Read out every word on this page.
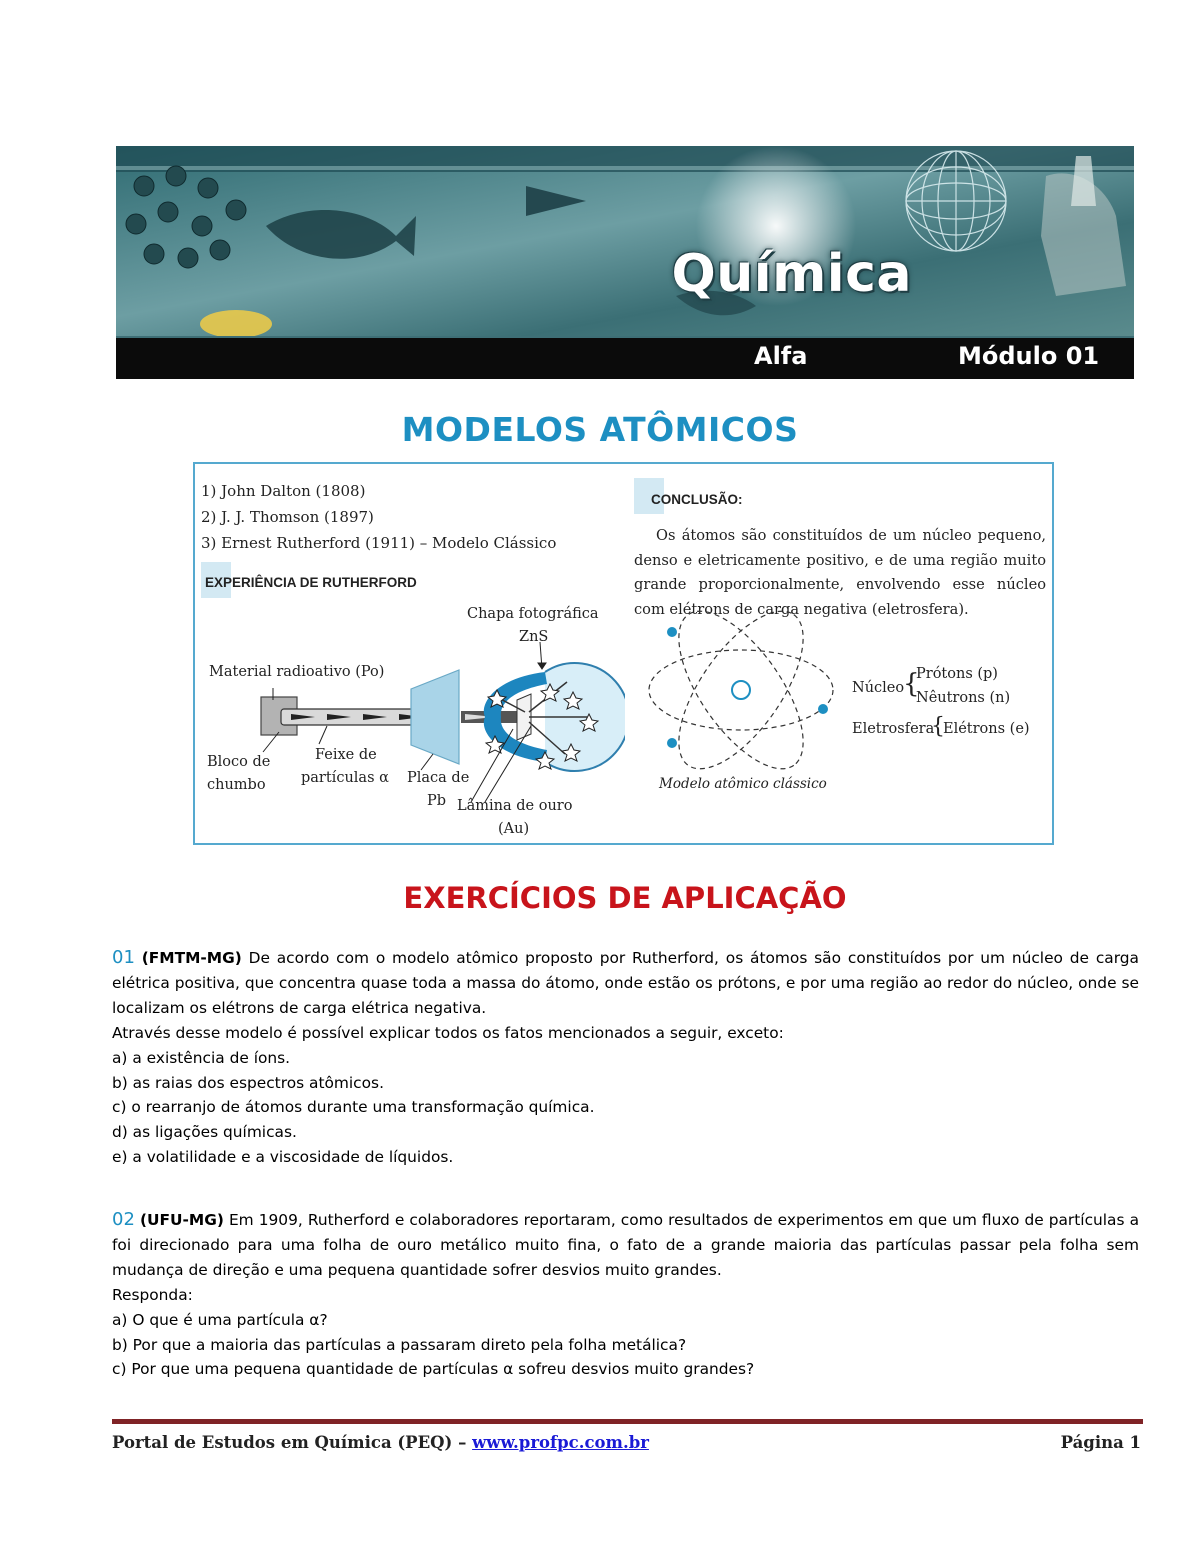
Química
Alfa	Módulo 01
MODELOS ATÔMICOS
1) John Dalton (1808)
2) J. J. Thomson (1897)
3) Ernest Rutherford (1911) – Modelo Clássico
EXPERIÊNCIA DE RUTHERFORD
Chapa fotográfica
ZnS
Material radioativo (Po)
Bloco de
chumbo
Feixe de
partículas α Placa de
Pb Lâmina de ouro
(Au)
CONCLUSÃO:
Os átomos são constituídos de um núcleo pequeno, denso e eletricamente positivo, e de uma região muito grande proporcionalmente, envolvendo esse núcleo com elétrons de carga negativa (eletrosfera).
Núcleo
{
Prótons (p)
Nêutrons (n)
Eletrosfera
{
Elétrons (e)
Modelo atômico clássico
EXERCÍCIOS DE APLICAÇÃO

01 (FMTM-MG) De acordo com o modelo atômico proposto por Rutherford, os átomos são constituídos por um núcleo de carga elétrica positiva, que concentra quase toda a massa do átomo, onde estão os prótons, e por uma região ao redor do núcleo, onde se localizam os elétrons de carga elétrica negativa.

Através desse modelo é possível explicar todos os fatos mencionados a seguir, exceto:

a) a existência de íons.

b) as raias dos espectros atômicos.

c) o rearranjo de átomos durante uma transformação química.

d) as ligações químicas.

e) a volatilidade e a viscosidade de líquidos.

02 (UFU-MG) Em 1909, Rutherford e colaboradores reportaram, como resultados de experimentos em que um fluxo de partículas a foi direcionado para uma folha de ouro metálico muito fina, o fato de a grande maioria das partículas passar pela folha sem mudança de direção e uma pequena quantidade sofrer desvios muito grandes.

Responda:

a) O que é uma partícula α?

b) Por que a maioria das partículas a passaram direto pela folha metálica?

c) Por que uma pequena quantidade de partículas α sofreu desvios muito grandes?

Portal de Estudos em Química (PEQ) – www.profpc.com.br	Página 1
